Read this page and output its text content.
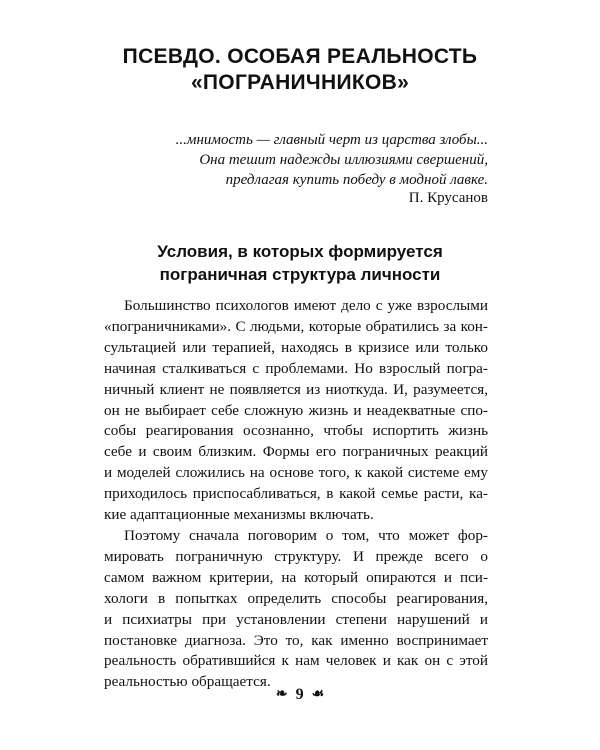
ПСЕВДО. ОСОБАЯ РЕАЛЬНОСТЬ
«ПОГРАНИЧНИКОВ»
...мнимость — главный черт из царства злобы...
Она тешит надежды иллюзиями свершений,
предлагая купить победу в модной лавке.
П. Крусанов
Условия, в которых формируется
пограничная структура личности
Большинство психологов имеют дело с уже взрослыми
«пограничниками». С людьми, которые обратились за кон-
сультацией или терапией, находясь в кризисе или только
начиная сталкиваться с проблемами. Но взрослый погра-
ничный клиент не появляется из ниоткуда. И, разумеется,
он не выбирает себе сложную жизнь и неадекватные спо-
собы реагирования осознанно, чтобы испортить жизнь
себе и своим близким. Формы его пограничных реакций
и моделей сложились на основе того, к какой системе ему
приходилось приспосабливаться, в какой семье расти, ка-
кие адаптационные механизмы включать.
Поэтому сначала поговорим о том, что может фор-
мировать пограничную структуру. И прежде всего о
самом важном критерии, на который опираются и пси-
хологи в попытках определить способы реагирования,
и психиатры при установлении степени нарушений и
постановке диагноза. Это то, как именно воспринимает
реальность обратившийся к нам человек и как он с этой
реальностью обращается.
❧ 9 ☙
